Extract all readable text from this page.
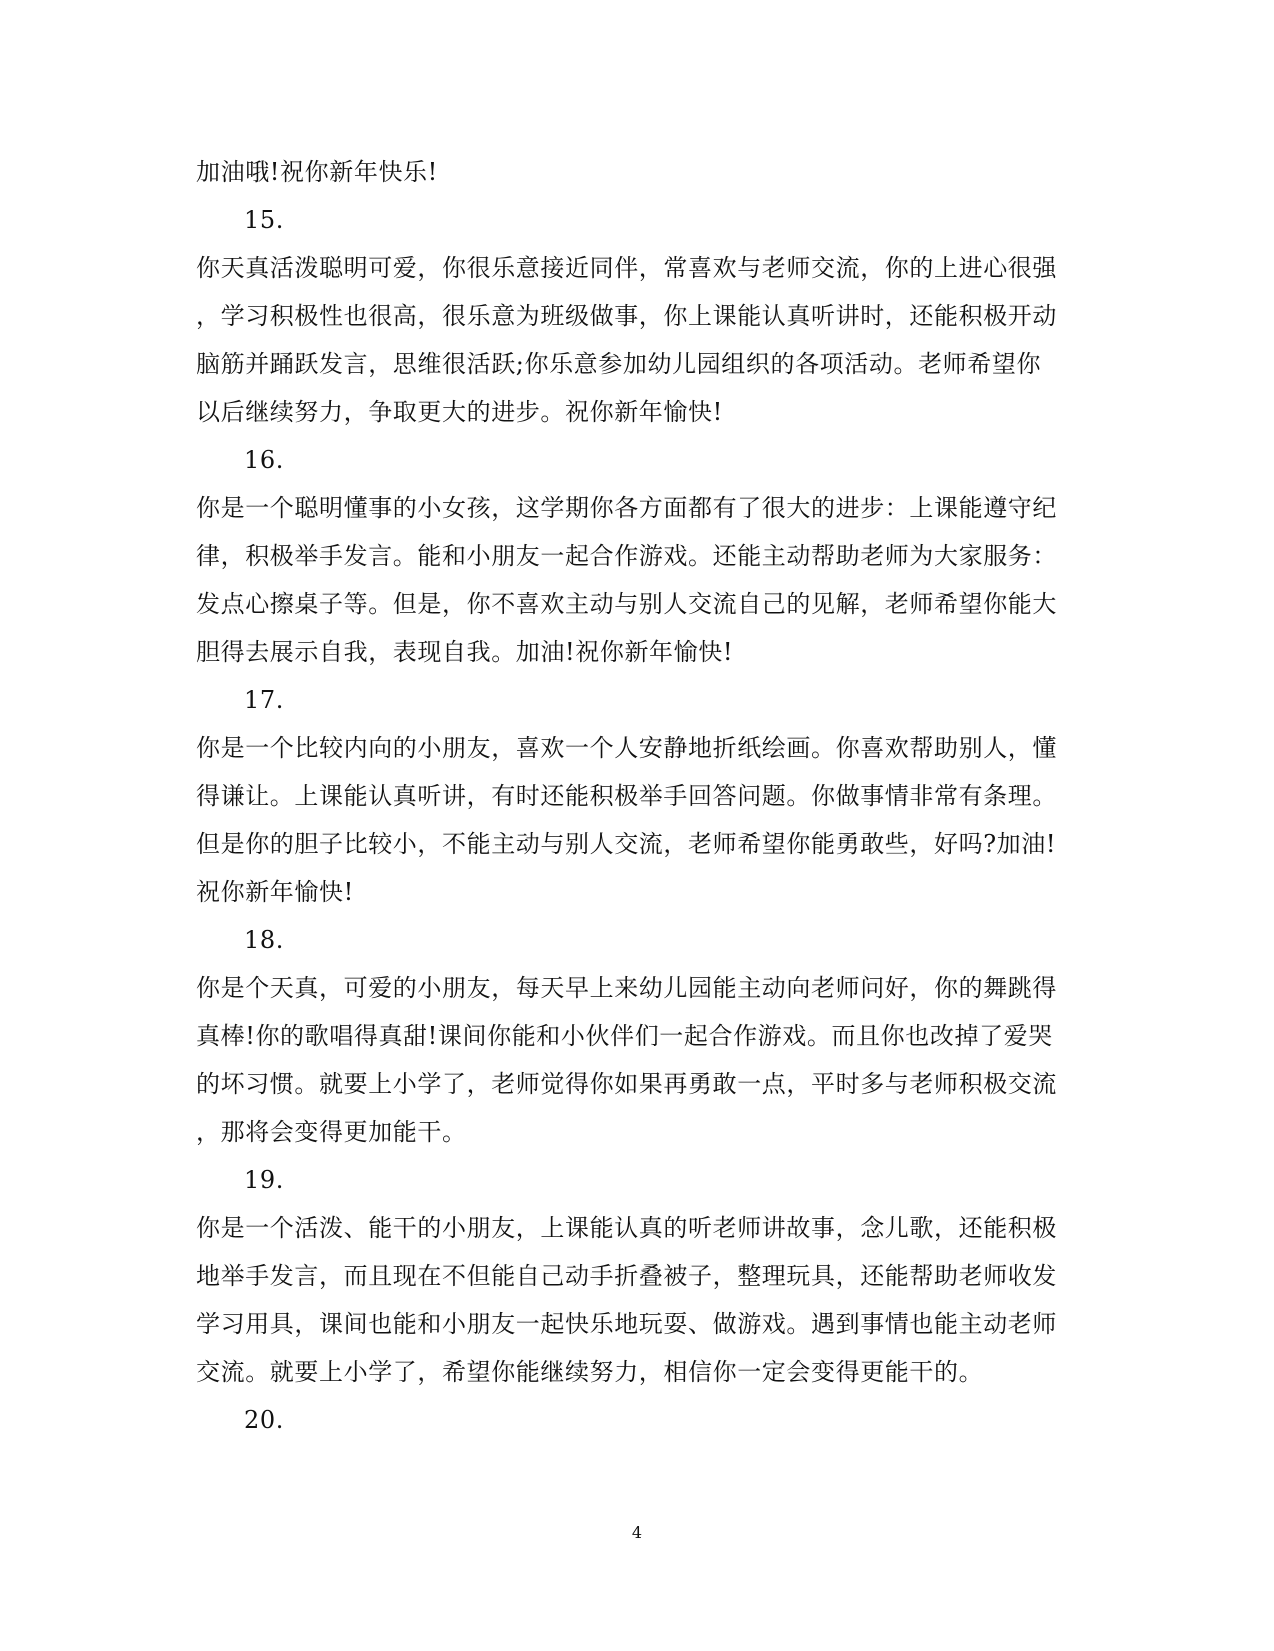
加油哦!祝你新年快乐!
15.
你天真活泼聪明可爱，你很乐意接近同伴，常喜欢与老师交流，你的上进心很强
，学习积极性也很高，很乐意为班级做事，你上课能认真听讲时，还能积极开动
脑筋并踊跃发言，思维很活跃;你乐意参加幼儿园组织的各项活动。老师希望你
以后继续努力，争取更大的进步。祝你新年愉快!
16.
你是一个聪明懂事的小女孩，这学期你各方面都有了很大的进步：上课能遵守纪
律，积极举手发言。能和小朋友一起合作游戏。还能主动帮助老师为大家服务：
发点心擦桌子等。但是，你不喜欢主动与别人交流自己的见解，老师希望你能大
胆得去展示自我，表现自我。加油!祝你新年愉快!
17.
你是一个比较内向的小朋友，喜欢一个人安静地折纸绘画。你喜欢帮助别人，懂
得谦让。上课能认真听讲，有时还能积极举手回答问题。你做事情非常有条理。
但是你的胆子比较小，不能主动与别人交流，老师希望你能勇敢些，好吗?加油!
祝你新年愉快!
18.
你是个天真，可爱的小朋友，每天早上来幼儿园能主动向老师问好，你的舞跳得
真棒!你的歌唱得真甜!课间你能和小伙伴们一起合作游戏。而且你也改掉了爱哭
的坏习惯。就要上小学了，老师觉得你如果再勇敢一点，平时多与老师积极交流
，那将会变得更加能干。
19.
你是一个活泼、能干的小朋友，上课能认真的听老师讲故事，念儿歌，还能积极
地举手发言，而且现在不但能自己动手折叠被子，整理玩具，还能帮助老师收发
学习用具，课间也能和小朋友一起快乐地玩耍、做游戏。遇到事情也能主动老师
交流。就要上小学了，希望你能继续努力，相信你一定会变得更能干的。
20.
4
